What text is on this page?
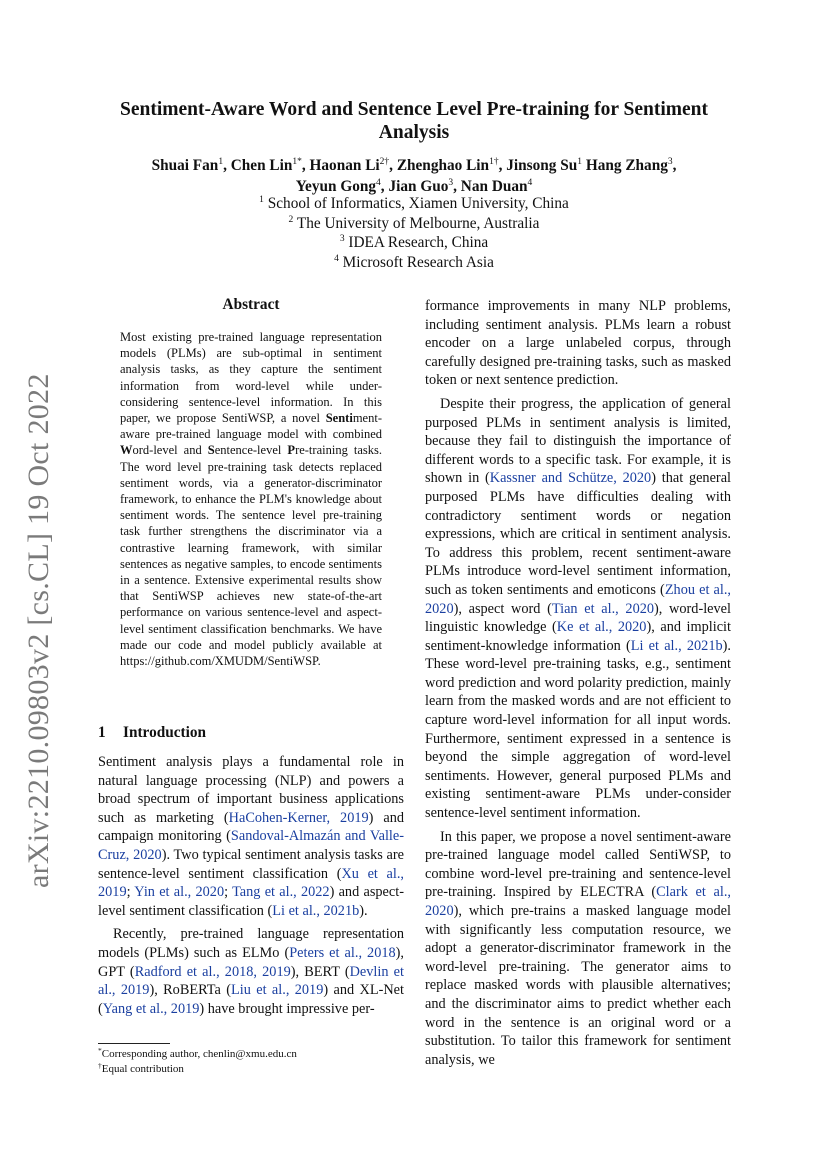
arXiv:2210.09803v2 [cs.CL] 19 Oct 2022
Sentiment-Aware Word and Sentence Level Pre-training for Sentiment Analysis
Shuai Fan$^1$, Chen Lin$^{1*}$, Haonan $Li^{2\dagger}$, Zhenghao Lin$^{1\dagger}$, Jinsong Su$^1$ Hang Zhang$^3$,
Yeyun Gong$^4$, Jian Guo$^3$, Nan Duan$^4$
$^1$ School of Informatics, Xiamen University, China
$^2$ The University of Melbourne, Australia
$^3$ IDEA Research, China
$^4$ Microsoft Research Asia
Abstract
Most existing pre-trained language representation models (PLMs) are sub-optimal in sentiment analysis tasks, as they capture the sentiment information from word-level while under-considering sentence-level information. In this paper, we propose SentiWSP, a novel Sentiment-aware pre-trained language model with combined Word-level and Sentence-level Pre-training tasks. The word level pre-training task detects replaced sentiment words, via a generator-discriminator framework, to enhance the PLM's knowledge about sentiment words. The sentence level pre-training task further strengthens the discriminator via a contrastive learning framework, with similar sentences as negative samples, to encode sentiments in a sentence. Extensive experimental results show that SentiWSP achieves new state-of-the-art performance on various sentence-level and aspect-level sentiment classification benchmarks. We have made our code and model publicly available at https://github.com/XMUDM/SentiWSP.
1 Introduction

Sentiment analysis plays a fundamental role in natural language processing (NLP) and powers a broad spectrum of important business applications such as marketing (HaCohen-Kerner, 2019) and campaign monitoring (Sandoval-Almazán and Valle-Cruz, 2020). Two typical sentiment analysis tasks are sentence-level sentiment classification (Xu et al., 2019; Yin et al., 2020; Tang et al., 2022) and aspect-level sentiment classification (Li et al., 2021b).

Recently, pre-trained language representation models (PLMs) such as ELMo (Peters et al., 2018), GPT (Radford et al., 2018, 2019), BERT (Devlin et al., 2019), RoBERTa (Liu et al., 2019) and XL-Net (Yang et al., 2019) have brought impressive per-

*Corresponding author, chenlin@xmu.edu.cn
†Equal contribution

formance improvements in many NLP problems, including sentiment analysis. PLMs learn a robust encoder on a large unlabeled corpus, through carefully designed pre-training tasks, such as masked token or next sentence prediction.

Despite their progress, the application of general purposed PLMs in sentiment analysis is limited, because they fail to distinguish the importance of different words to a specific task. For example, it is shown in (Kassner and Schütze, 2020) that general purposed PLMs have difficulties dealing with contradictory sentiment words or negation expressions, which are critical in sentiment analysis. To address this problem, recent sentiment-aware PLMs introduce word-level sentiment information, such as token sentiments and emoticons (Zhou et al., 2020), aspect word (Tian et al., 2020), word-level linguistic knowledge (Ke et al., 2020), and implicit sentiment-knowledge information (Li et al., 2021b). These word-level pre-training tasks, e.g., sentiment word prediction and word polarity prediction, mainly learn from the masked words and are not efficient to capture word-level information for all input words. Furthermore, sentiment expressed in a sentence is beyond the simple aggregation of word-level sentiments. However, general purposed PLMs and existing sentiment-aware PLMs under-consider sentence-level sentiment information.

In this paper, we propose a novel sentiment-aware pre-trained language model called SentiWSP, to combine word-level pre-training and sentence-level pre-training. Inspired by ELECTRA (Clark et al., 2020), which pre-trains a masked language model with significantly less computation resource, we adopt a generator-discriminator framework in the word-level pre-training. The generator aims to replace masked words with plausible alternatives; and the discriminator aims to predict whether each word in the sentence is an original word or a substitution. To tailor this framework for sentiment analysis, we
